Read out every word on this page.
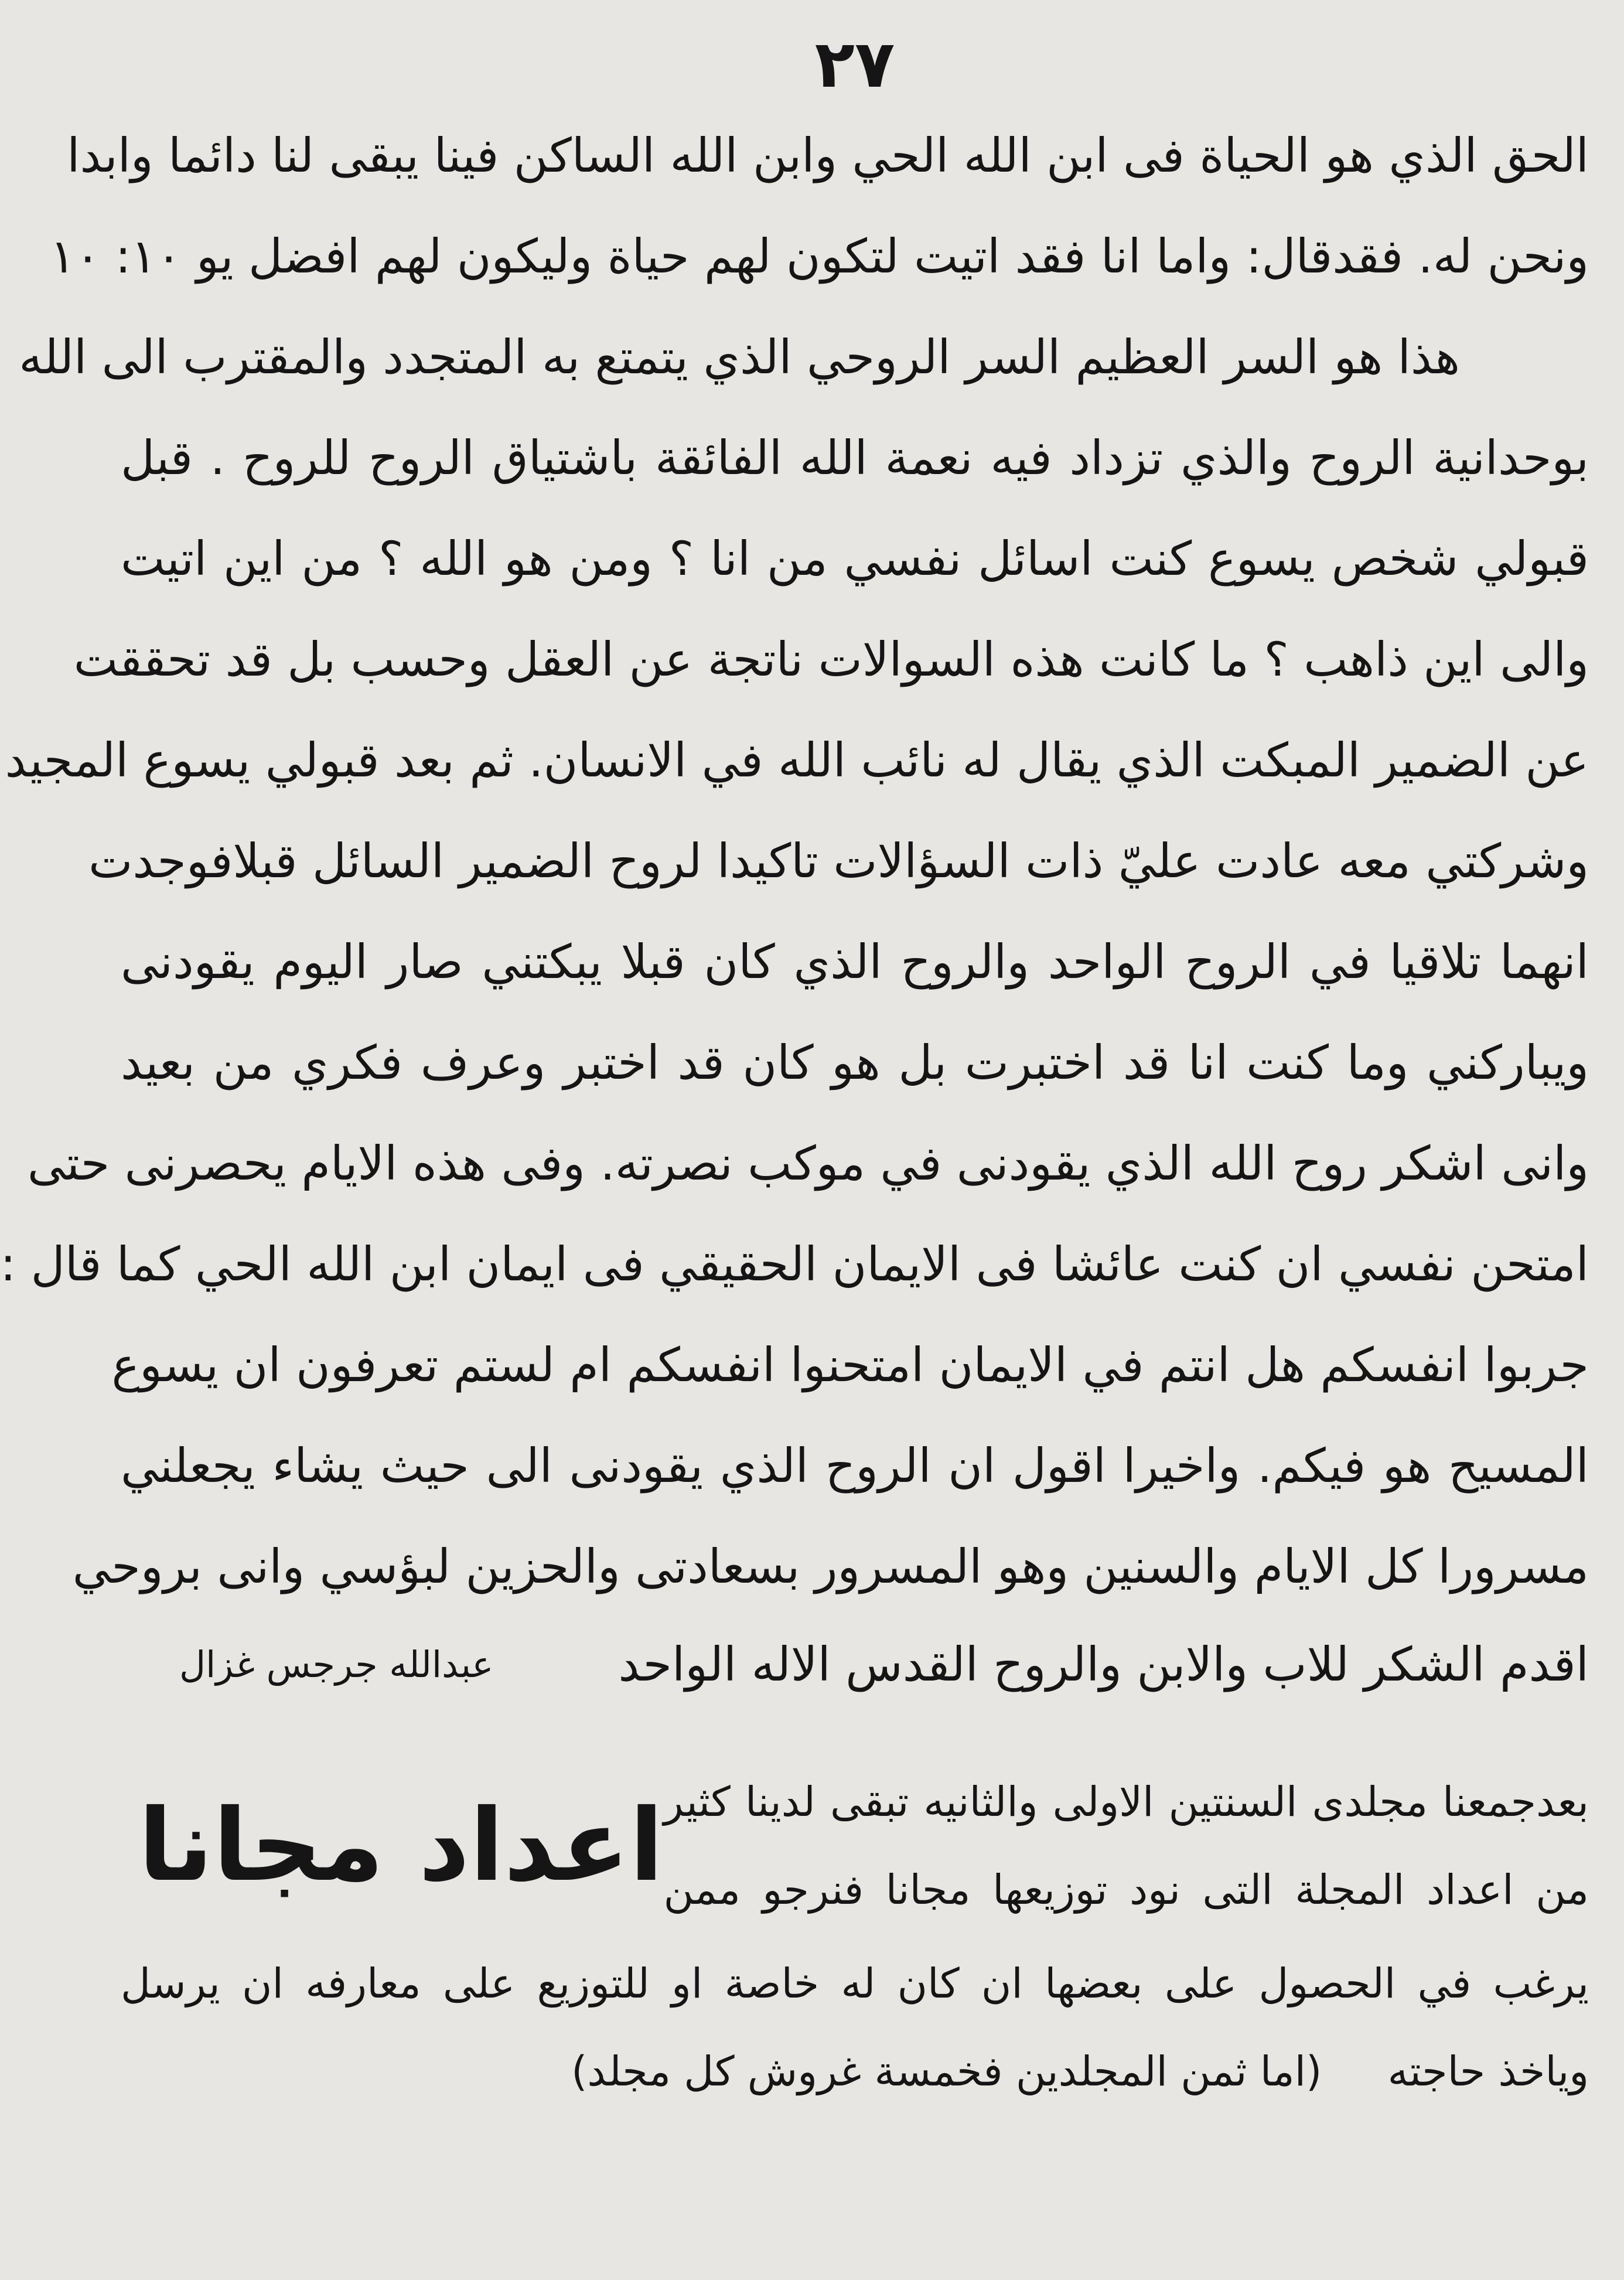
٢٧
الحق الذي هو الحياة فى ابن الله الحي وابن الله الساكن فينا يبقى لنا دائما وابدا
ونحن له. فقدقال: واما انا فقد اتيت لتكون لهم حياة وليكون لهم افضل يو ١٠: ١٠
هذا هو السر العظيم السر الروحي الذي يتمتع به المتجدد والمقترب الى الله
بوحدانية الروح والذي تزداد فيه نعمة الله الفائقة باشتياق الروح للروح . قبل
قبولي شخص يسوع كنت اسائل نفسي من انا ؟ ومن هو الله ؟ من اين اتيت
والى اين ذاهب ؟ ما كانت هذه السوالات ناتجة عن العقل وحسب بل قد تحققت
عن الضمير المبكت الذي يقال له نائب الله في الانسان. ثم بعد قبولي يسوع المجيد
وشركتي معه عادت عليّ ذات السؤالات تاكيدا لروح الضمير السائل قبلافوجدت
انهما تلاقيا في الروح الواحد والروح الذي كان قبلا يبكتني صار اليوم يقودنى
ويباركني وما كنت انا قد اختبرت بل هو كان قد اختبر وعرف فكري من بعيد
وانى اشكر روح الله الذي يقودنى في موكب نصرته. وفى هذه الايام يحصرنى حتى
امتحن نفسي ان كنت عائشا فى الايمان الحقيقي فى ايمان ابن الله الحي كما قال :
جربوا انفسكم هل انتم في الايمان امتحنوا انفسكم ام لستم تعرفون ان يسوع
المسيح هو فيكم. واخيرا اقول ان الروح الذي يقودنى الى حيث يشاء يجعلني
مسرورا كل الايام والسنين وهو المسرور بسعادتى والحزين لبؤسي وانى بروحي
اقدم الشكر للاب والابن والروح القدس الاله الواحد
عبدالله جرجس غزال
بعدجمعنا مجلدى السنتين الاولى والثانيه تبقى لدينا كثير
من اعداد المجلة التى نود توزيعها مجانا فنرجو ممن
اعداد مجانا
يرغب في الحصول على بعضها ان كان له خاصة او للتوزيع على معارفه ان يرسل
وياخذ حاجته (اما ثمن المجلدين فخمسة غروش كل مجلد)
